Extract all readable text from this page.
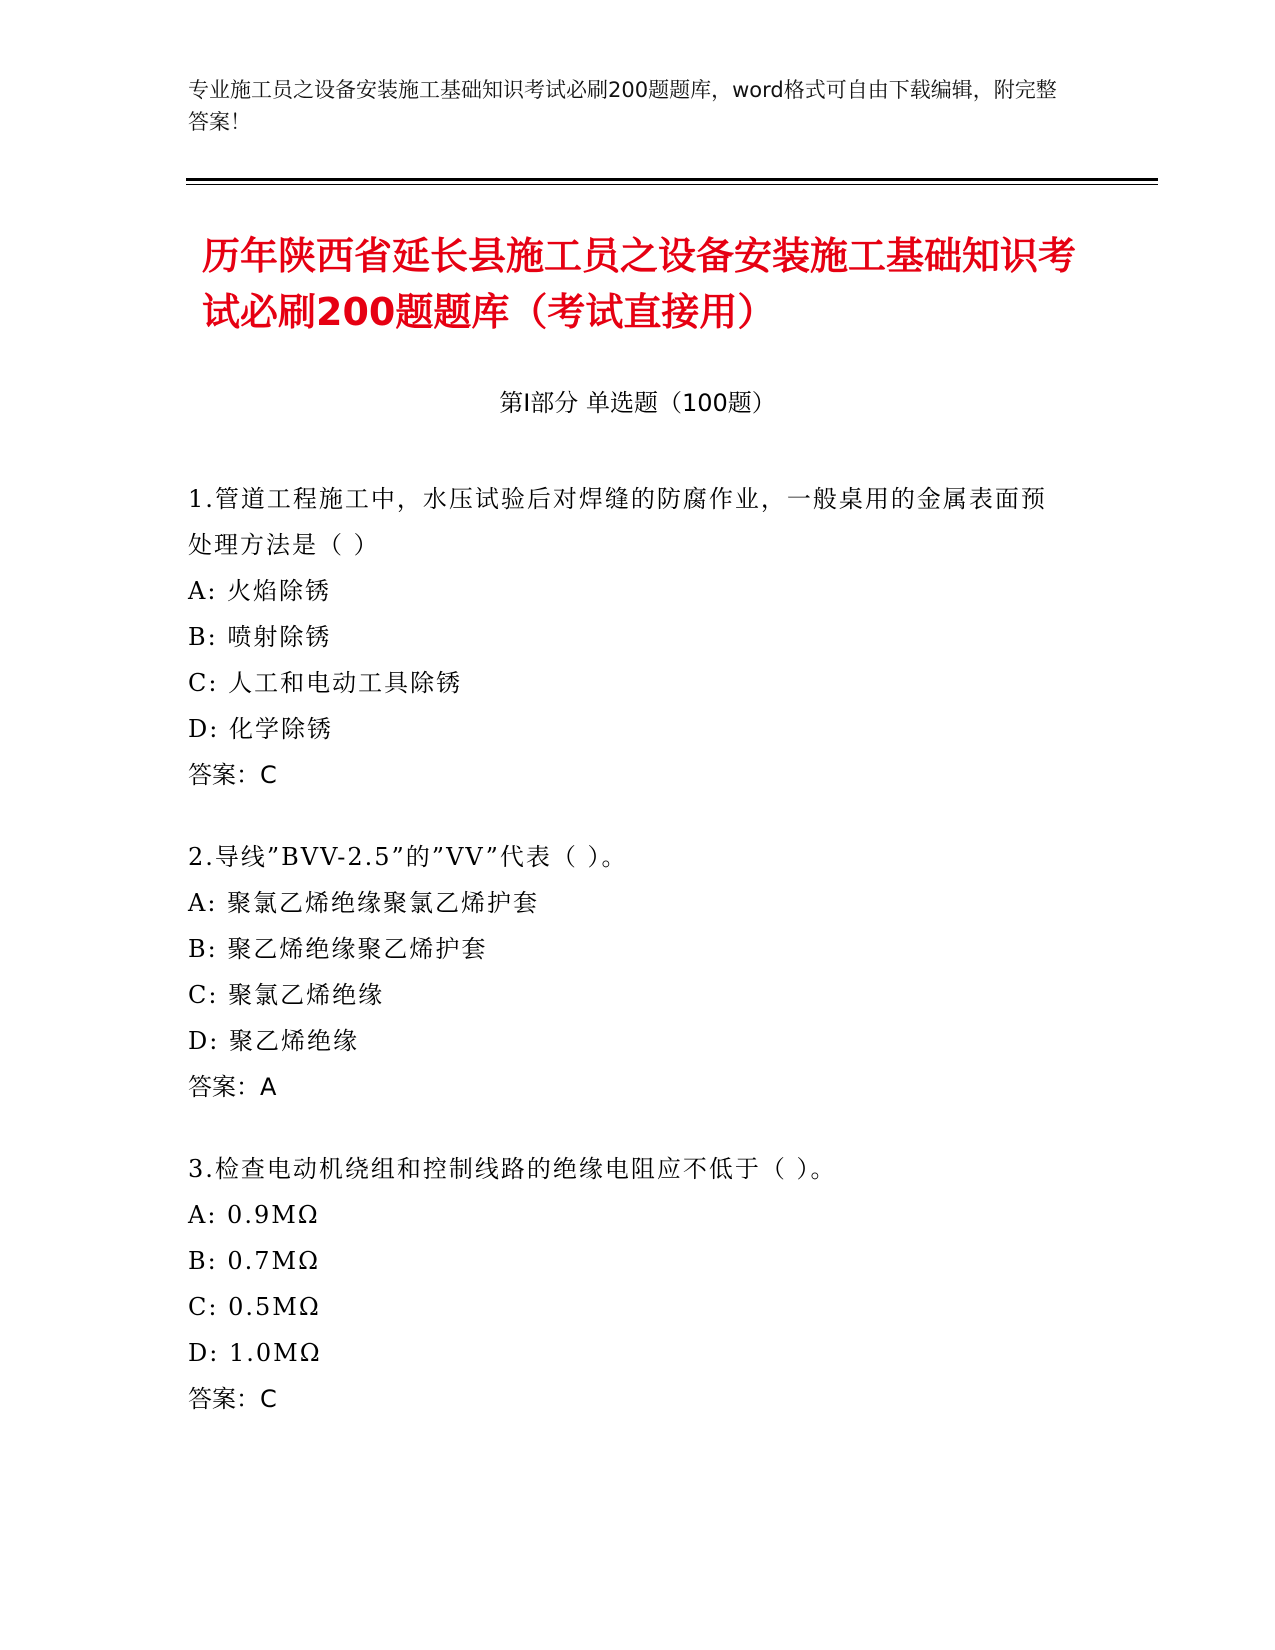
专业施工员之设备安装施工基础知识考试必刷200题题库，word格式可自由下载编辑，附完整答案！
历年陕西省延长县施工员之设备安装施工基础知识考试必刷200题题库（考试直接用）
第Ⅰ部分 单选题（100题）

1.管道工程施工中，水压试验后对焊缝的防腐作业，一般桌用的金属表面预处理方法是（ ）

A: 火焰除锈

B: 喷射除锈

C: 人工和电动工具除锈

D: 化学除锈

答案：C

2.导线”BVV-2.5”的”VV”代表（ ）。

A: 聚氯乙烯绝缘聚氯乙烯护套

B: 聚乙烯绝缘聚乙烯护套

C: 聚氯乙烯绝缘

D: 聚乙烯绝缘

答案：A

3.检查电动机绕组和控制线路的绝缘电阻应不低于（ ）。

A: 0.9MΩ

B: 0.7MΩ

C: 0.5MΩ

D: 1.0MΩ

答案：C
